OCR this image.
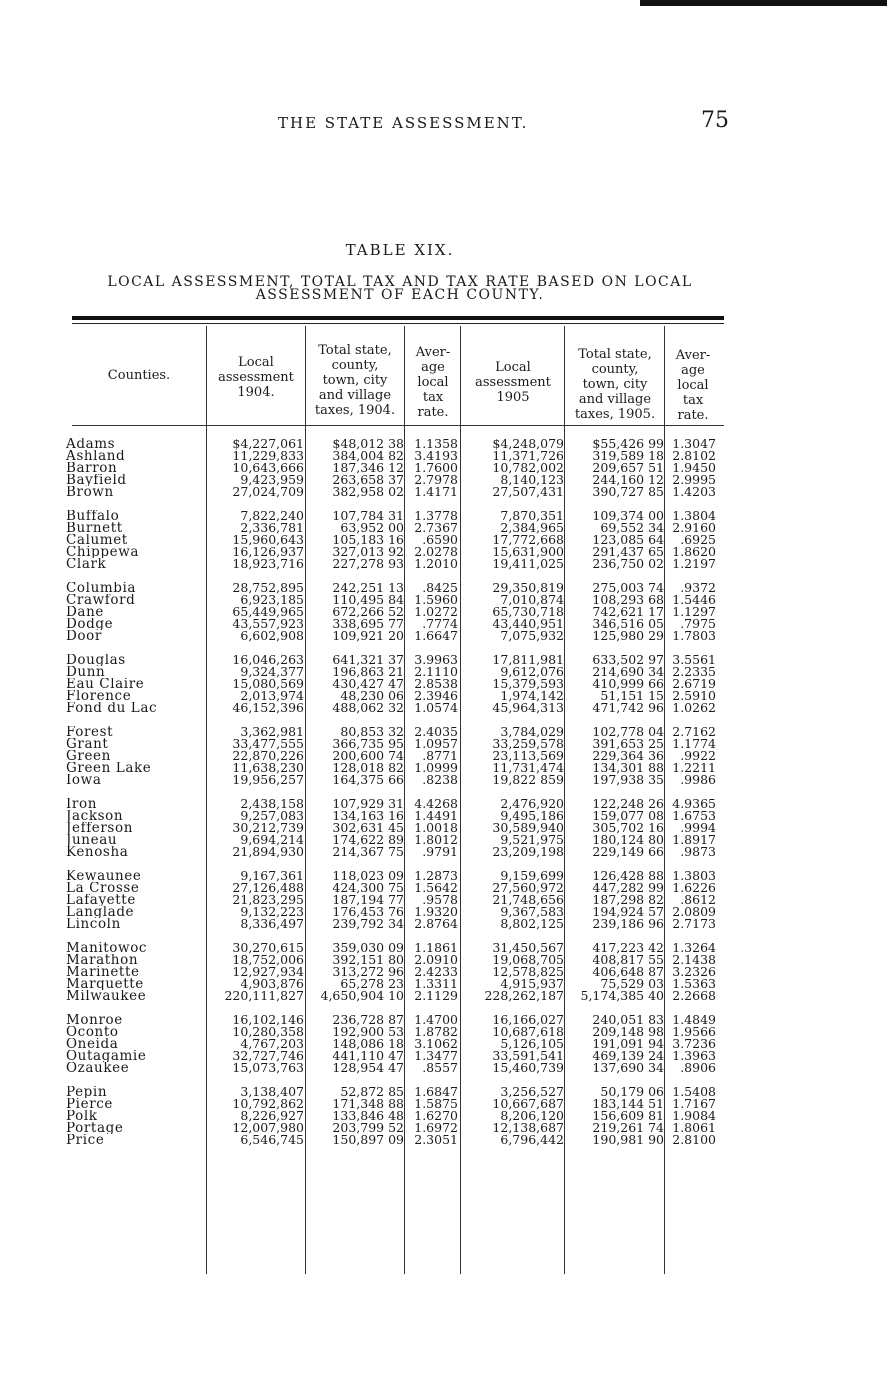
THE STATE ASSESSMENT.	75
TABLE XIX.
LOCAL ASSESSMENT, TOTAL TAX AND TAX RATE BASED ON LOCAL
ASSESSMENT OF EACH COUNTY.
Counties.
Local
assessment
1904.
Total state,
county,
town, city
and village
taxes, 1904.
Aver-
age
local
tax
rate.
Local
assessment
1905
Total state,
county,
town, city
and village
taxes, 1905.
Aver-
age
local
tax
rate.
Adams	$4,227,061	$48,012 38 1.1358	$4,248,079	$55,426 99 1.3047
Ashland	11,229,833	384,004 82 3.4193	11,371,726	319,589 18 2.8102
Barron	10,643,666	187,346 12 1.7600	10,782,002	209,657 51 1.9450
Bayfield	9,423,959	263,658 37 2.7978	8,140,123	244,160 12 2.9995
Brown	27,024,709	382,958 02 1.4171	27,507,431	390,727 85 1.4203
Buffalo	7,822,240	107,784 31 1.3778	7,870,351	109,374 00 1.3804
Burnett	2,336,781	63,952 00 2.7367	2,384,965	69,552 34 2.9160
Calumet	15,960,643	105,183 16	.6590	17,772,668	123,085 64	.6925
Chippewa	16,126,937	327,013 92 2.0278	15,631,900	291,437 65 1.8620
Clark	18,923,716	227,278 93 1.2010	19,411,025	236,750 02 1.2197
Columbia	28,752,895	242,251 13	.8425	29,350,819	275,003 74	.9372
Crawford	6,923,185	110,495 84 1.5960	7,010,874	108,293 68 1.5446
Dane	65,449,965	672,266 52 1.0272	65,730,718	742,621 17 1.1297
Dodge	43,557,923	338,695 77	.7774	43,440,951	346,516 05	.7975
Door	6,602,908	109,921 20 1.6647	7,075,932	125,980 29 1.7803
Douglas	16,046,263	641,321 37 3.9963	17,811,981	633,502 97 3.5561
Dunn	9,324,377	196,863 21 2.1110	9,612,076	214,690 34 2.2335
Eau Claire	15,080,569	430,427 47 2.8538	15,379,593	410,999 66 2.6719
Florence	2,013,974	48,230 06 2.3946	1,974,142	51,151 15 2.5910
Fond du Lac	46,152,396	488,062 32 1.0574	45,964,313	471,742 96 1.0262
Forest	3,362,981	80,853 32 2.4035	3,784,029	102,778 04 2.7162
Grant	33,477,555	366,735 95 1.0957	33,259,578	391,653 25 1.1774
Green	22,870,226	200,600 74	.8771	23,113,569	229,364 36	.9922
Green Lake	11,638,230	128,018 82 1.0999	11,731,474	134,301 88 1.2211
Iowa	19,956,257	164,375 66	.8238	19,822 859	197,938 35	.9986
Iron	2,438,158	107,929 31 4.4268	2,476,920	122,248 26 4.9365
Jackson	9,257,083	134,163 16 1.4491	9,495,186	159,077 08 1.6753
Jefferson	30,212,739	302,631 45 1.0018	30,589,940	305,702 16	.9994
Juneau	9,694,214	174,622 89 1.8012	9,521,975	180,124 80 1.8917
Kenosha	21,894,930	214,367 75	.9791	23,209,198	229,149 66	.9873
Kewaunee	9,167,361	118,023 09 1.2873	9,159,699	126,428 88 1.3803
La Crosse	27,126,488	424,300 75 1.5642	27,560,972	447,282 99 1.6226
Lafayette	21,823,295	187,194 77	.9578	21,748,656	187,298 82	.8612
Langlade	9,132,223	176,453 76 1.9320	9,367,583	194,924 57 2.0809
Lincoln	8,336,497	239,792 34 2.8764	8,802,125	239,186 96 2.7173
Manitowoc	30,270,615	359,030 09 1.1861	31,450,567	417,223 42 1.3264
Marathon	18,752,006	392,151 80 2.0910	19,068,705	408,817 55 2.1438
Marinette	12,927,934	313,272 96 2.4233	12,578,825	406,648 87 3.2326
Marquette	4,903,876	65,278 23 1.3311	4,915,937	75,529 03 1.5363
Milwaukee	220,111,827	4,650,904 10 2.1129	228,262,187	5,174,385 40 2.2668
Monroe	16,102,146	236,728 87 1.4700	16,166,027	240,051 83 1.4849
Oconto	10,280,358	192,900 53 1.8782	10,687,618	209,148 98 1.9566
Oneida	4,767,203	148,086 18 3.1062	5,126,105	191,091 94 3.7236
Outagamie	32,727,746	441,110 47 1.3477	33,591,541	469,139 24 1.3963
Ozaukee	15,073,763	128,954 47	.8557	15,460,739	137,690 34	.8906
Pepin	3,138,407	52,872 85 1.6847	3,256,527	50,179 06 1.5408
Pierce	10,792,862	171,348 88 1.5875	10,667,687	183,144 51 1.7167
Polk	8,226,927	133,846 48 1.6270	8,206,120	156,609 81 1.9084
Portage	12,007,980	203,799 52 1.6972	12,138,687	219,261 74 1.8061
Price	6,546,745	150,897 09 2.3051	6,796,442	190,981 90 2.8100
